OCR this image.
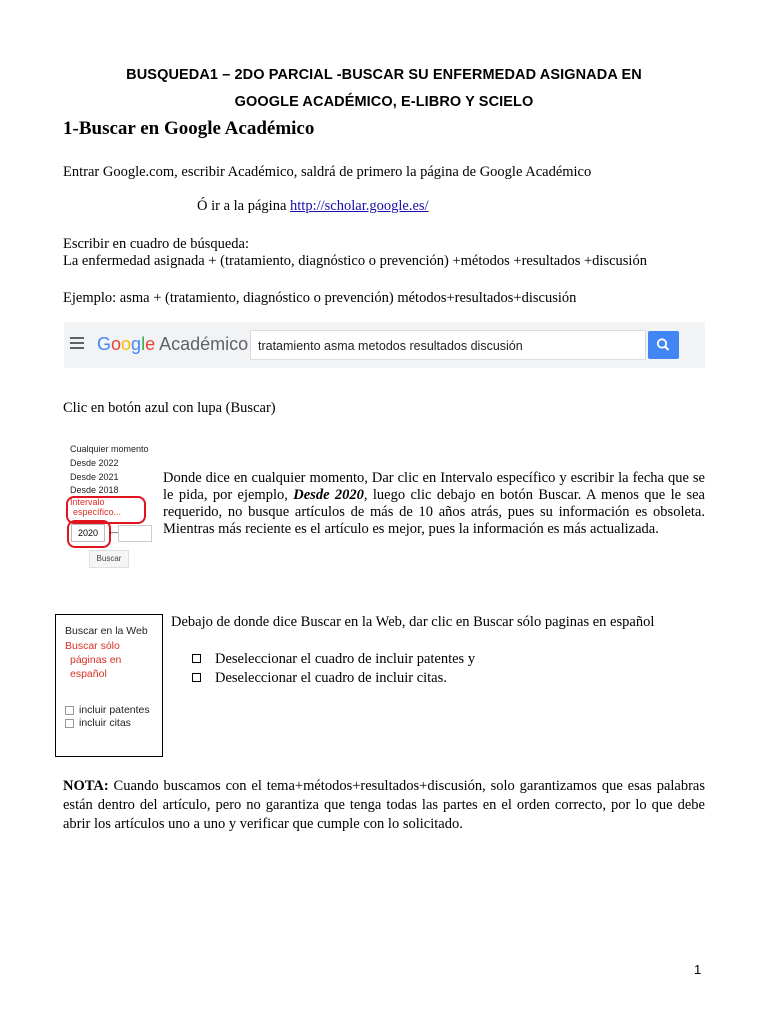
BUSQUEDA1 – 2DO PARCIAL -BUSCAR SU ENFERMEDAD ASIGNADA EN
GOOGLE ACADÉMICO, E-LIBRO Y SCIELO
1-Buscar en Google Académico
Entrar Google.com, escribir Académico, saldrá de primero la página de Google Académico
Ó ir a la página http://scholar.google.es/
Escribir en cuadro de búsqueda:
La enfermedad asignada + (tratamiento, diagnóstico o prevención) +métodos +resultados +discusión
Ejemplo: asma + (tratamiento, diagnóstico o prevención) métodos+resultados+discusión
Google Académico tratamiento asma metodos resultados discusión
Clic en botón azul con lupa (Buscar)
Cualquier momento
Desde 2022
Desde 2021
Desde 2018
Intervalo
específico...
2020	—
Buscar
Donde dice en cualquier momento, Dar clic en Intervalo específico y escribir la fecha que se le pida, por ejemplo, Desde 2020, luego clic debajo en botón Buscar. A menos que le sea requerido, no busque artículos de más de 10 años atrás, pues su información es obsoleta. Mientras más reciente es el artículo es mejor, pues la información es más actualizada.
Buscar en la Web
Buscar sólo
páginas en
español
incluir patentes
incluir citas
Debajo de donde dice Buscar en la Web, dar clic en Buscar sólo paginas en español
Deseleccionar el cuadro de incluir patentes y
Deseleccionar el cuadro de incluir citas.
NOTA: Cuando buscamos con el tema+métodos+resultados+discusión, solo garantizamos que esas palabras están dentro del artículo, pero no garantiza que tenga todas las partes en el orden correcto, por lo que debe abrir los artículos uno a uno y verificar que cumple con lo solicitado.
1
